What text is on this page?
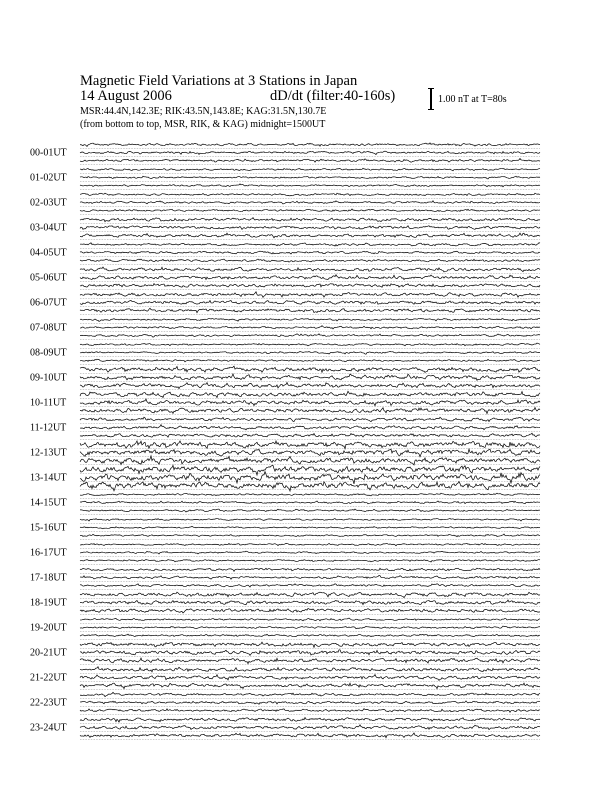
Magnetic Field Variations at 3 Stations in Japan
14 August 2006	dD/dt (filter:40-160s)
MSR:44.4N,142.3E; RIK:43.5N,143.8E; KAG:31.5N,130.7E
(from bottom to top, MSR, RIK, & KAG) midnight=1500UT
1.00 nT at T=80s
00-01UT
01-02UT
02-03UT
03-04UT
04-05UT
05-06UT
06-07UT
07-08UT
08-09UT
09-10UT
10-11UT
11-12UT
12-13UT
13-14UT
14-15UT
15-16UT
16-17UT
17-18UT
18-19UT
19-20UT
20-21UT
21-22UT
22-23UT
23-24UT
